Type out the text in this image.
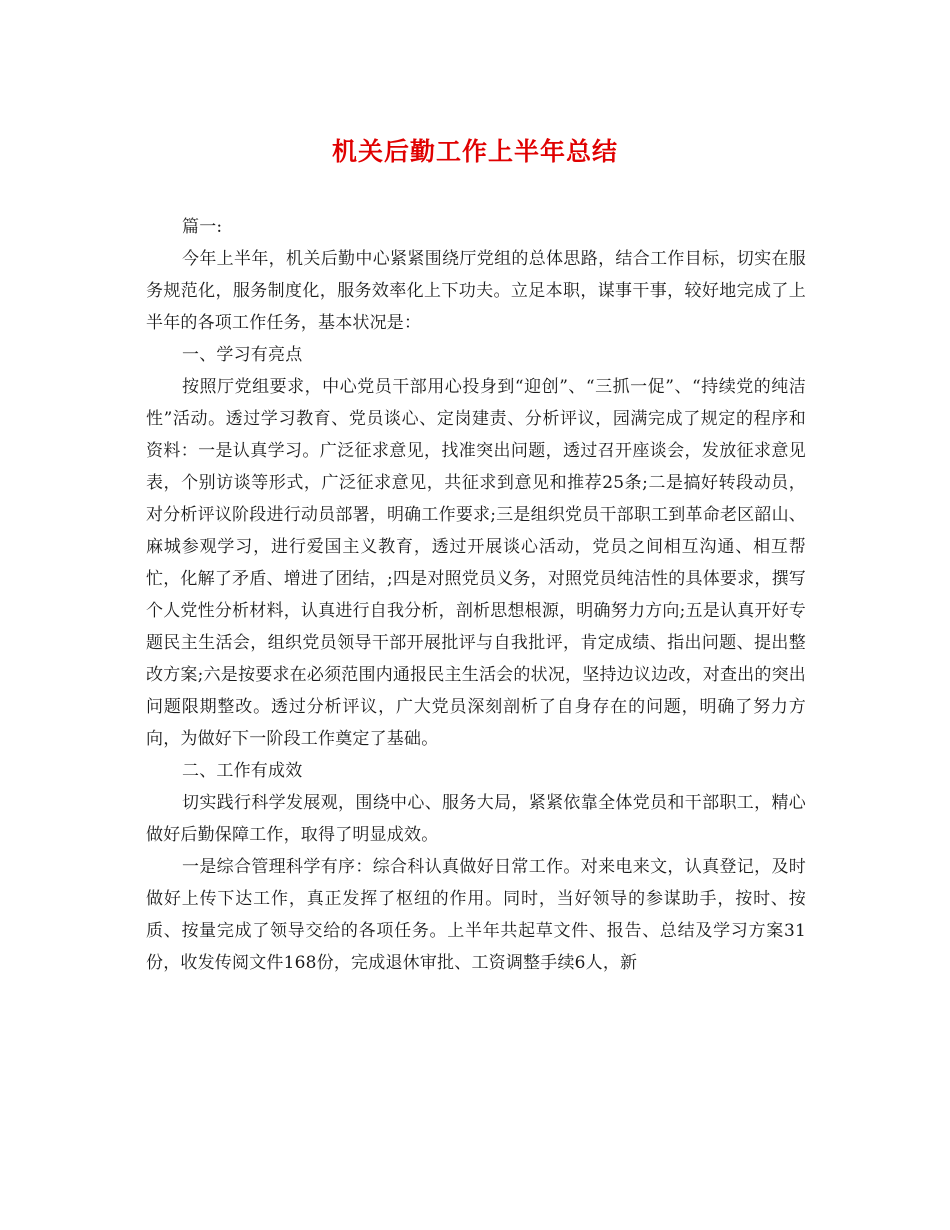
机关后勤工作上半年总结

篇一:

今年上半年，机关后勤中心紧紧围绕厅党组的总体思路，结合工作目标，切实在服务规范化，服务制度化，服务效率化上下功夫。立足本职，谋事干事，较好地完成了上半年的各项工作任务，基本状况是：

一、学习有亮点

按照厅党组要求，中心党员干部用心投身到“迎创”、“三抓一促”、“持续党的纯洁性”活动。透过学习教育、党员谈心、定岗建责、分析评议，园满完成了规定的程序和资料：一是认真学习。广泛征求意见，找准突出问题，透过召开座谈会，发放征求意见表，个别访谈等形式，广泛征求意见，共征求到意见和推荐25条;二是搞好转段动员，对分析评议阶段进行动员部署，明确工作要求;三是组织党员干部职工到革命老区韶山、麻城参观学习，进行爱国主义教育，透过开展谈心活动，党员之间相互沟通、相互帮忙，化解了矛盾、增进了团结，;四是对照党员义务，对照党员纯洁性的具体要求，撰写个人党性分析材料，认真进行自我分析，剖析思想根源，明确努力方向;五是认真开好专题民主生活会，组织党员领导干部开展批评与自我批评，肯定成绩、指出问题、提出整改方案;六是按要求在必须范围内通报民主生活会的状况，坚持边议边改，对查出的突出问题限期整改。透过分析评议，广大党员深刻剖析了自身存在的问题，明确了努力方向，为做好下一阶段工作奠定了基础。

二、工作有成效

切实践行科学发展观，围绕中心、服务大局，紧紧依靠全体党员和干部职工，精心做好后勤保障工作，取得了明显成效。

一是综合管理科学有序：综合科认真做好日常工作。对来电来文，认真登记，及时做好上传下达工作，真正发挥了枢纽的作用。同时，当好领导的参谋助手，按时、按质、按量完成了领导交给的各项任务。上半年共起草文件、报告、总结及学习方案31份，收发传阅文件168份，完成退休审批、工资调整手续6人，新
